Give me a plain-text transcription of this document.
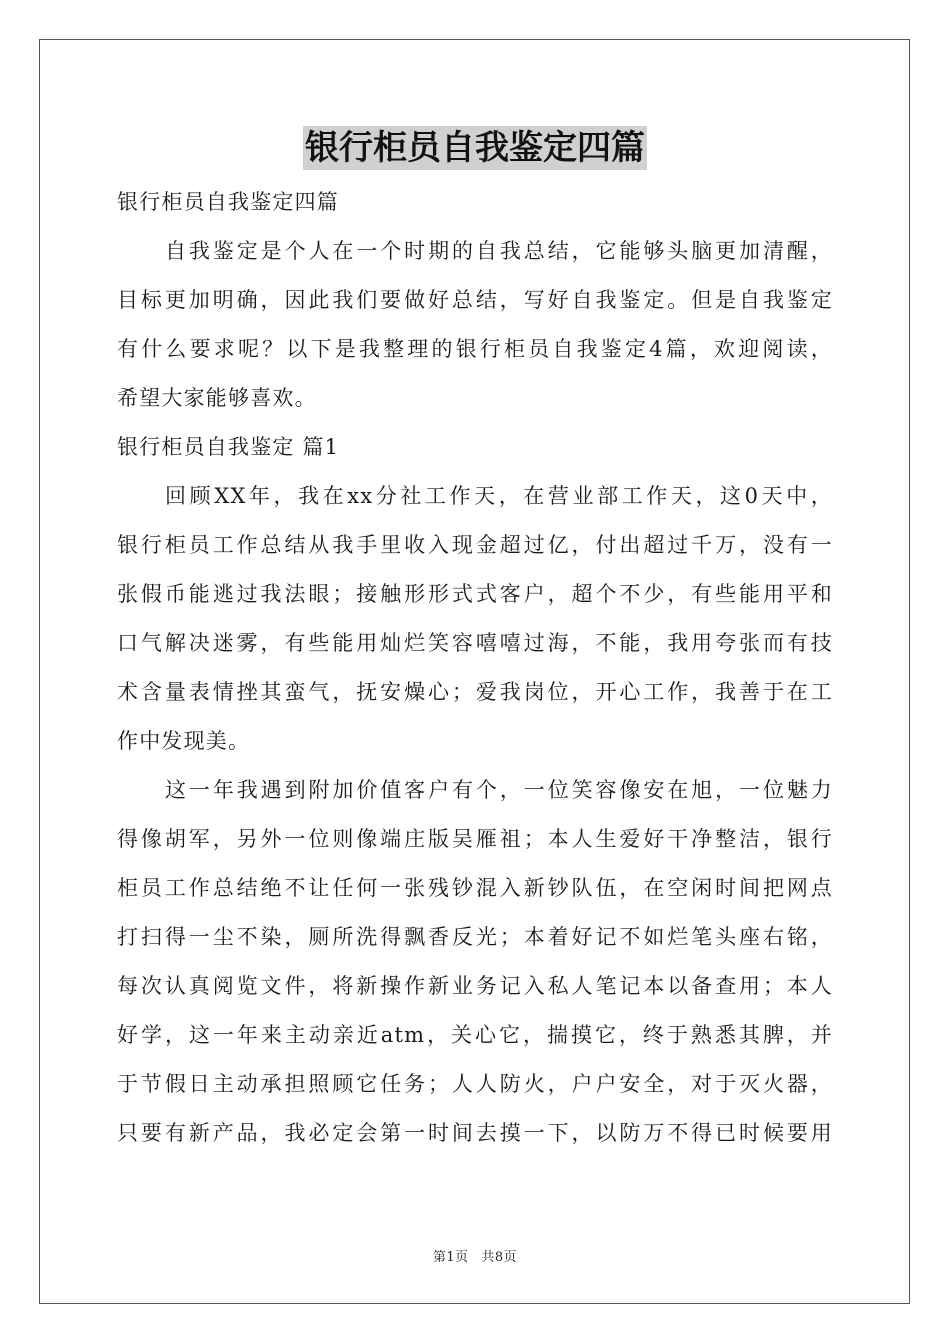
银行柜员自我鉴定四篇

银行柜员自我鉴定四篇

自我鉴定是个人在一个时期的自我总结，它能够头脑更加清醒，

目标更加明确，因此我们要做好总结，写好自我鉴定。但是自我鉴定

有什么要求呢？以下是我整理的银行柜员自我鉴定4篇，欢迎阅读，

希望大家能够喜欢。

银行柜员自我鉴定 篇1

回顾XX年，我在xx分社工作天，在营业部工作天，这0天中，

银行柜员工作总结从我手里收入现金超过亿，付出超过千万，没有一

张假币能逃过我法眼；接触形形式式客户，超个不少，有些能用平和

口气解决迷雾，有些能用灿烂笑容嘻嘻过海，不能，我用夸张而有技

术含量表情挫其蛮气，抚安燥心；爱我岗位，开心工作，我善于在工

作中发现美。

这一年我遇到附加价值客户有个，一位笑容像安在旭，一位魅力

得像胡军，另外一位则像端庄版吴雁祖；本人生爱好干净整洁，银行

柜员工作总结绝不让任何一张残钞混入新钞队伍，在空闲时间把网点

打扫得一尘不染，厕所洗得飘香反光；本着好记不如烂笔头座右铭，

每次认真阅览文件，将新操作新业务记入私人笔记本以备查用；本人

好学，这一年来主动亲近atm，关心它，揣摸它，终于熟悉其脾，并

于节假日主动承担照顾它任务；人人防火，户户安全，对于灭火器，

只要有新产品，我必定会第一时间去摸一下，以防万不得已时候要用

第1页 共8页
